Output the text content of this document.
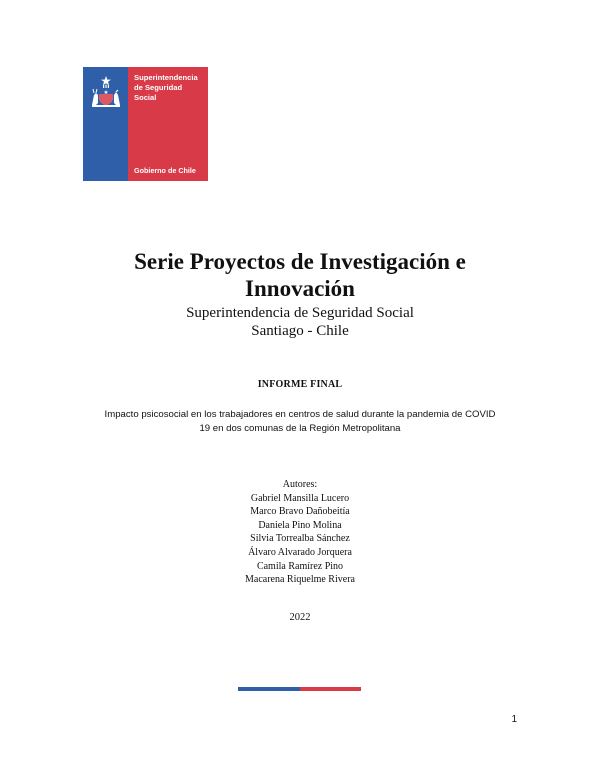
Superintendencia
de Seguridad
Social
Gobierno de Chile
Serie Proyectos de Investigación e
Innovación
Superintendencia de Seguridad Social
Santiago - Chile
INFORME FINAL
Impacto psicosocial en los trabajadores en centros de salud durante la pandemia de COVID
19 en dos comunas de la Región Metropolitana
Autores:
Gabriel Mansilla Lucero
Marco Bravo Dañobeitía
Daniela Pino Molina
Silvia Torrealba Sánchez
Álvaro Alvarado Jorquera
Camila Ramírez Pino
Macarena Riquelme Rivera
2022
1
